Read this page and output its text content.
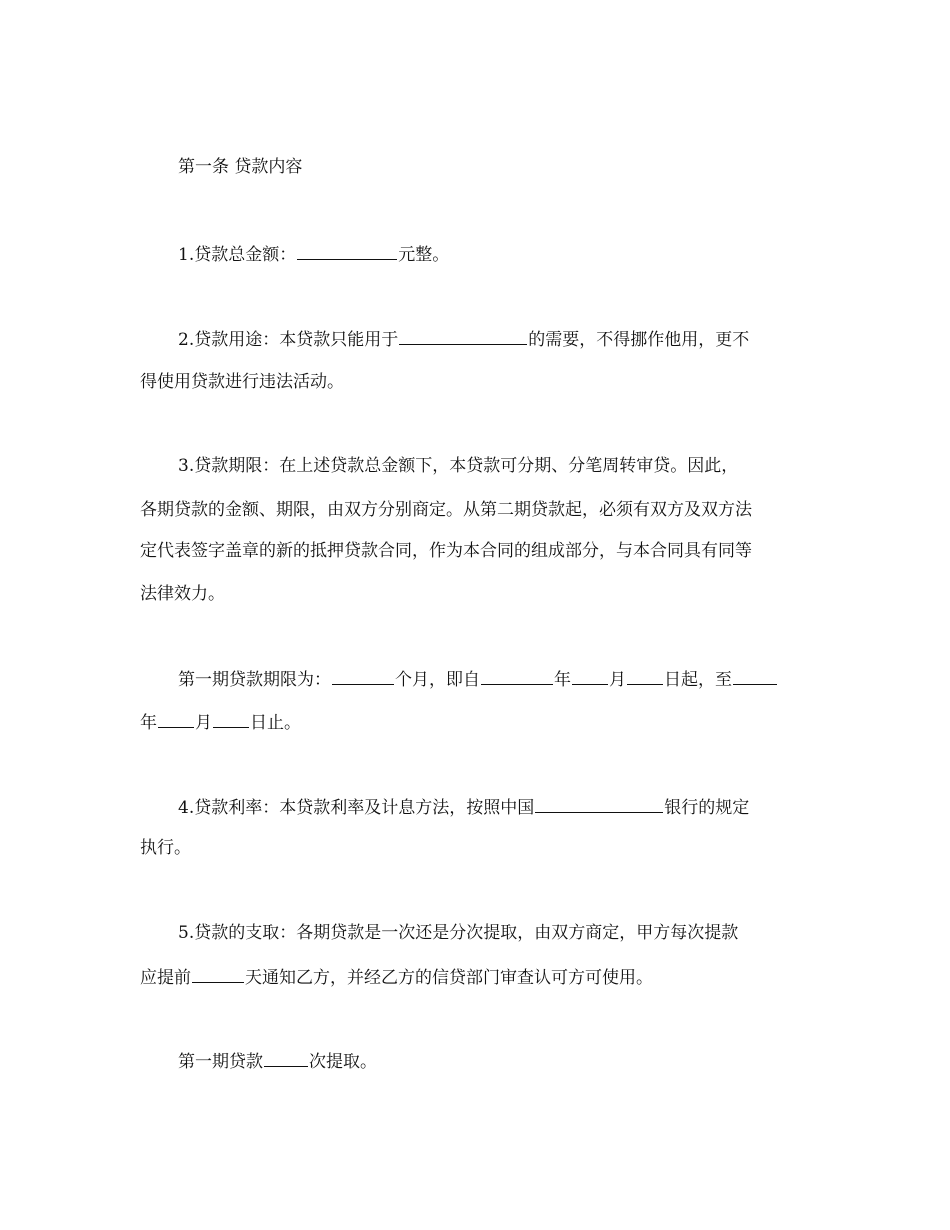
第一条 贷款内容
1.贷款总金额：	元整。
2.贷款用途：本贷款只能用于	的需要，不得挪作他用，更不
得使用贷款进行违法活动。
3.贷款期限：在上述贷款总金额下，本贷款可分期、分笔周转审贷。因此，
各期贷款的金额、期限，由双方分别商定。从第二期贷款起，必须有双方及双方法
定代表签字盖章的新的抵押贷款合同，作为本合同的组成部分，与本合同具有同等
法律效力。
第一期贷款期限为：	个月，即自	年 月 日起，至
年 月 日止。
4.贷款利率：本贷款利率及计息方法，按照中国	银行的规定
执行。
5.贷款的支取：各期贷款是一次还是分次提取，由双方商定，甲方每次提款
应提前	天通知乙方，并经乙方的信贷部门审查认可方可使用。
第一期贷款	次提取。
